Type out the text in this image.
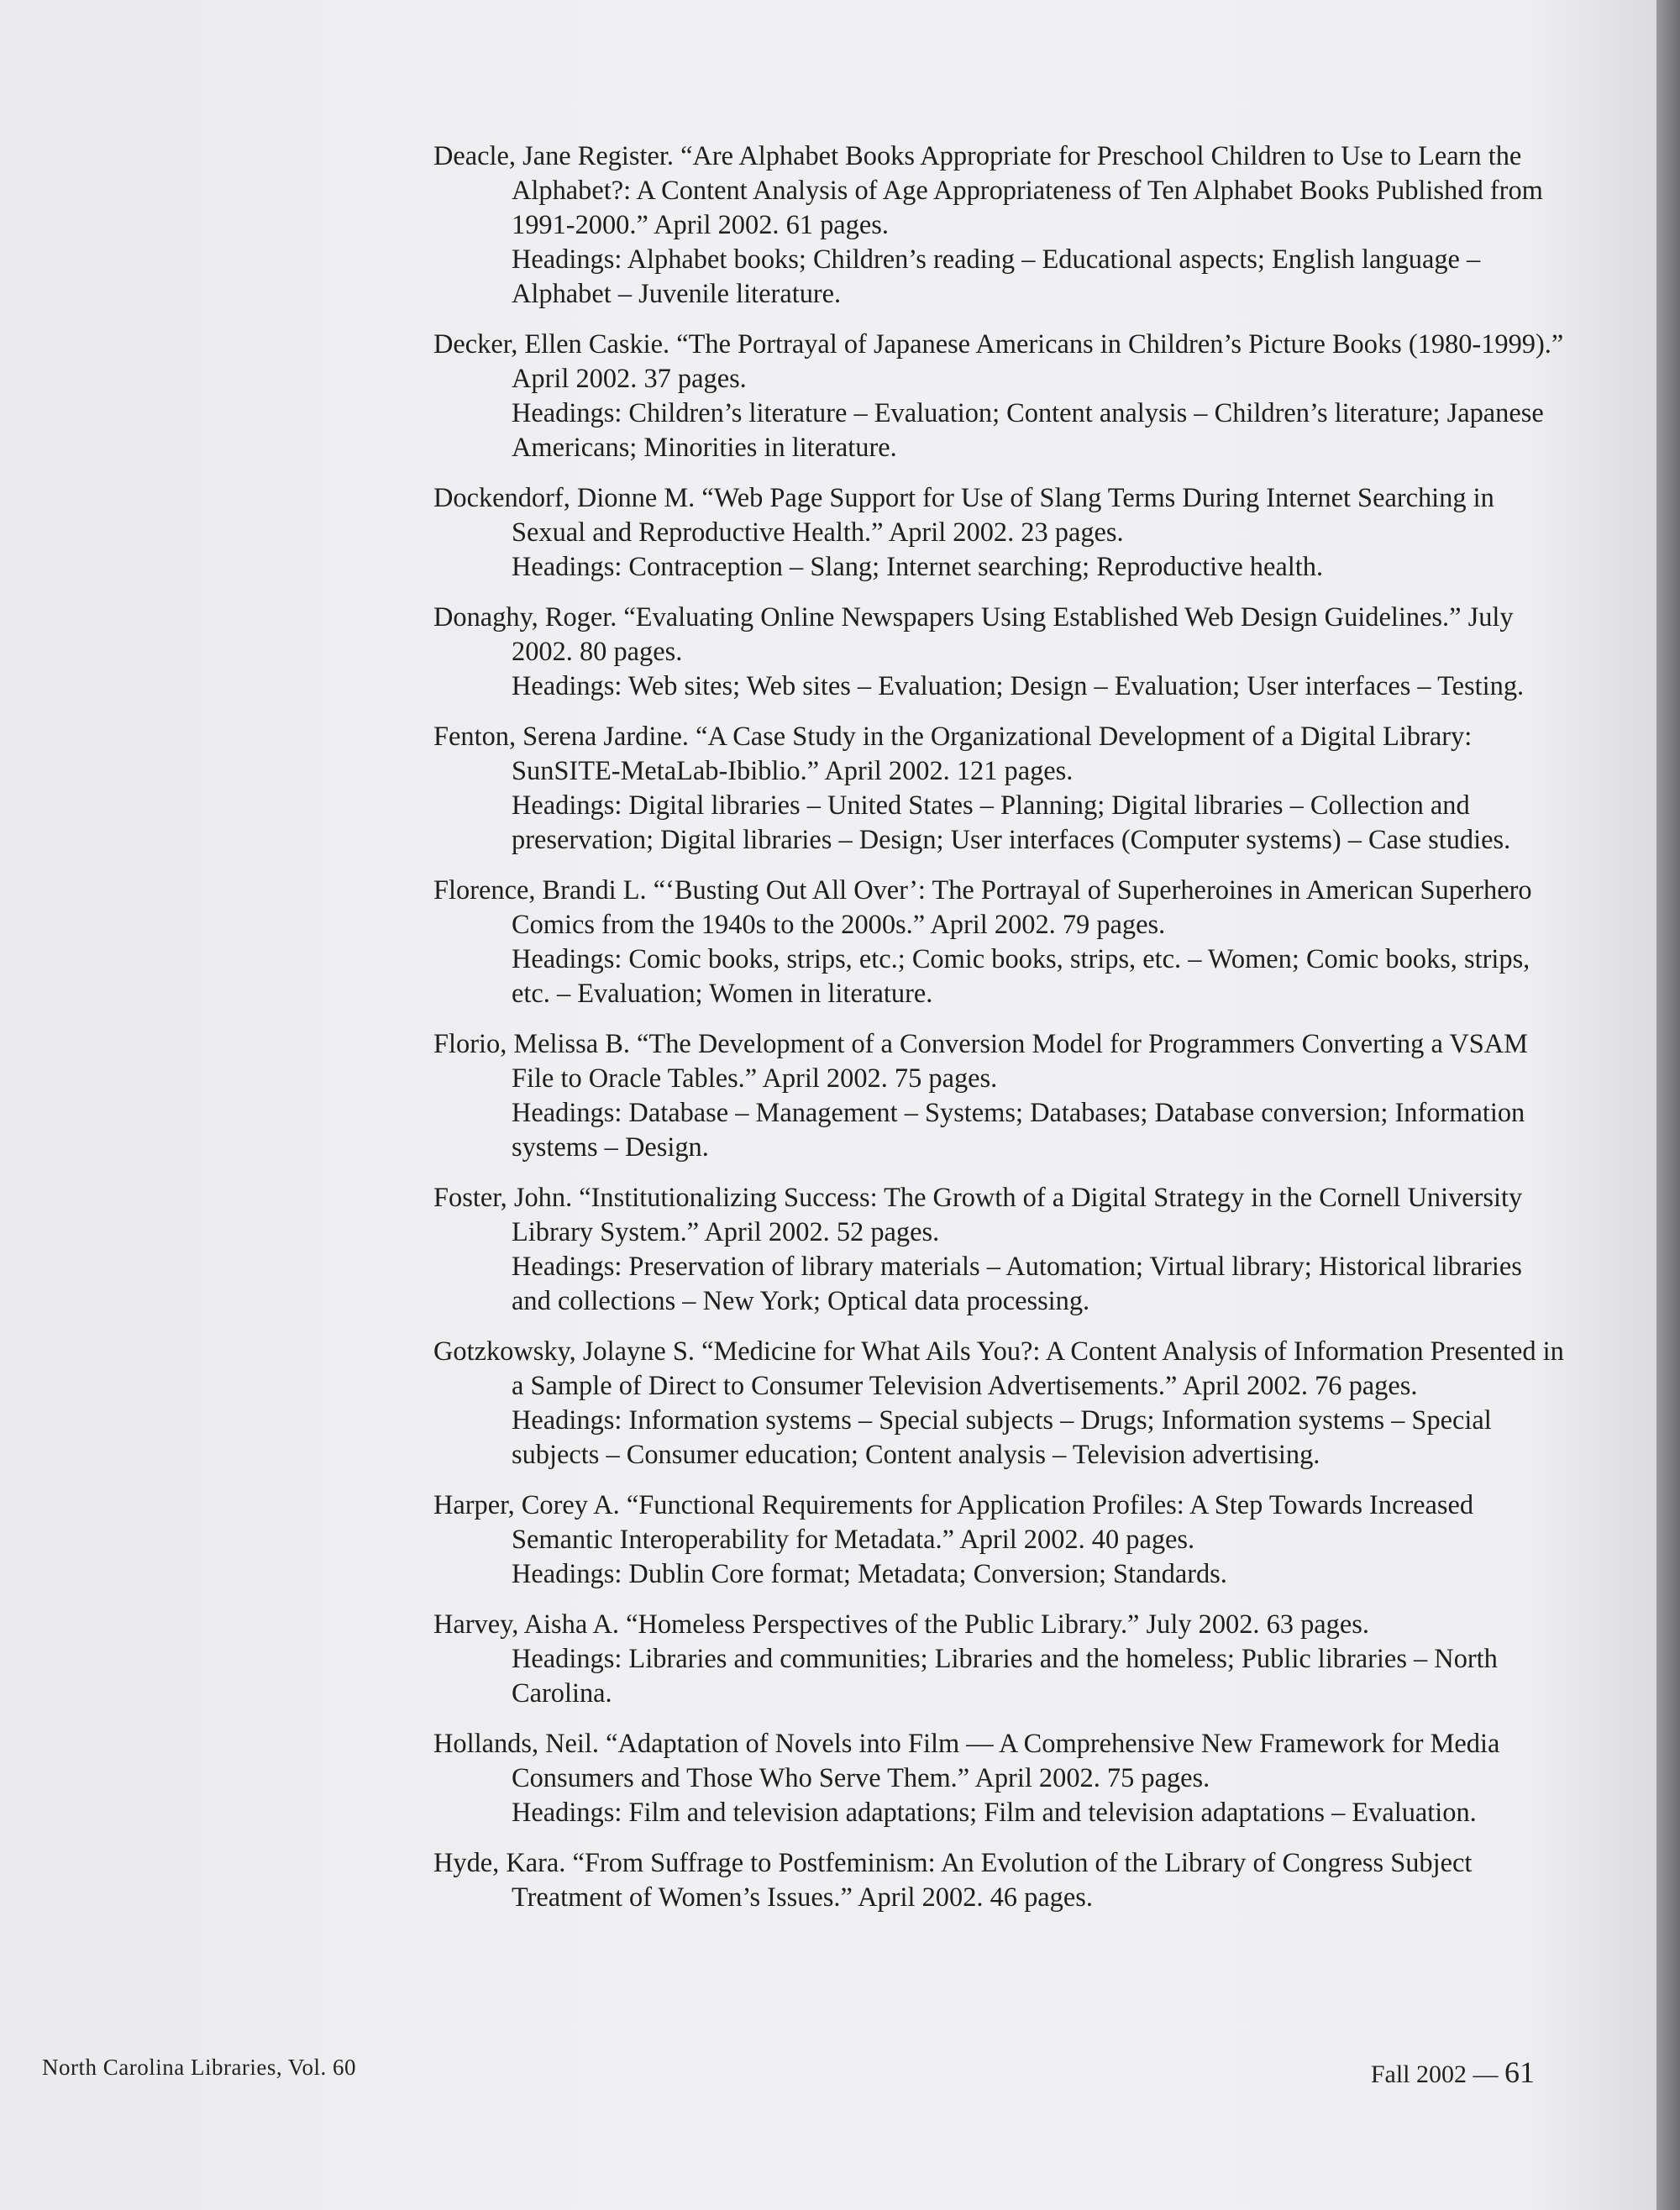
Deacle, Jane Register. “Are Alphabet Books Appropriate for Preschool Children to Use to Learn the Alphabet?: A Content Analysis of Age Appropriateness of Ten Alphabet Books Published from 1991-2000.” April 2002. 61 pages.

Headings: Alphabet books; Children’s reading – Educational aspects; English language – Alphabet – Juvenile literature.

Decker, Ellen Caskie. “The Portrayal of Japanese Americans in Children’s Picture Books (1980-1999).” April 2002. 37 pages.

Headings: Children’s literature – Evaluation; Content analysis – Children’s literature; Japanese Americans; Minorities in literature.

Dockendorf, Dionne M. “Web Page Support for Use of Slang Terms During Internet Searching in Sexual and Reproductive Health.” April 2002. 23 pages.

Headings: Contraception – Slang; Internet searching; Reproductive health.

Donaghy, Roger. “Evaluating Online Newspapers Using Established Web Design Guidelines.” July 2002. 80 pages.

Headings: Web sites; Web sites – Evaluation; Design – Evaluation; User interfaces – Testing.

Fenton, Serena Jardine. “A Case Study in the Organizational Development of a Digital Library: SunSITE-MetaLab-Ibiblio.” April 2002. 121 pages.

Headings: Digital libraries – United States – Planning; Digital libraries – Collection and preservation; Digital libraries – Design; User interfaces (Computer systems) – Case studies.

Florence, Brandi L. “‘Busting Out All Over’: The Portrayal of Superheroines in American Superhero Comics from the 1940s to the 2000s.” April 2002. 79 pages.

Headings: Comic books, strips, etc.; Comic books, strips, etc. – Women; Comic books, strips, etc. – Evaluation; Women in literature.

Florio, Melissa B. “The Development of a Conversion Model for Programmers Converting a VSAM File to Oracle Tables.” April 2002. 75 pages.

Headings: Database – Management – Systems; Databases; Database conversion; Information systems – Design.

Foster, John. “Institutionalizing Success: The Growth of a Digital Strategy in the Cornell University Library System.” April 2002. 52 pages.

Headings: Preservation of library materials – Automation; Virtual library; Historical libraries and collections – New York; Optical data processing.

Gotzkowsky, Jolayne S. “Medicine for What Ails You?: A Content Analysis of Information Presented in a Sample of Direct to Consumer Television Advertisements.” April 2002. 76 pages.

Headings: Information systems – Special subjects – Drugs; Information systems – Special subjects – Consumer education; Content analysis – Television advertising.

Harper, Corey A. “Functional Requirements for Application Profiles: A Step Towards Increased Semantic Interoperability for Metadata.” April 2002. 40 pages.

Headings: Dublin Core format; Metadata; Conversion; Standards.

Harvey, Aisha A. “Homeless Perspectives of the Public Library.” July 2002. 63 pages.

Headings: Libraries and communities; Libraries and the homeless; Public libraries – North Carolina.

Hollands, Neil. “Adaptation of Novels into Film — A Comprehensive New Framework for Media Consumers and Those Who Serve Them.” April 2002. 75 pages.

Headings: Film and television adaptations; Film and television adaptations – Evaluation.

Hyde, Kara. “From Suffrage to Postfeminism: An Evolution of the Library of Congress Subject Treatment of Women’s Issues.” April 2002. 46 pages.

North Carolina Libraries, Vol. 60	Fall 2002 — 61
